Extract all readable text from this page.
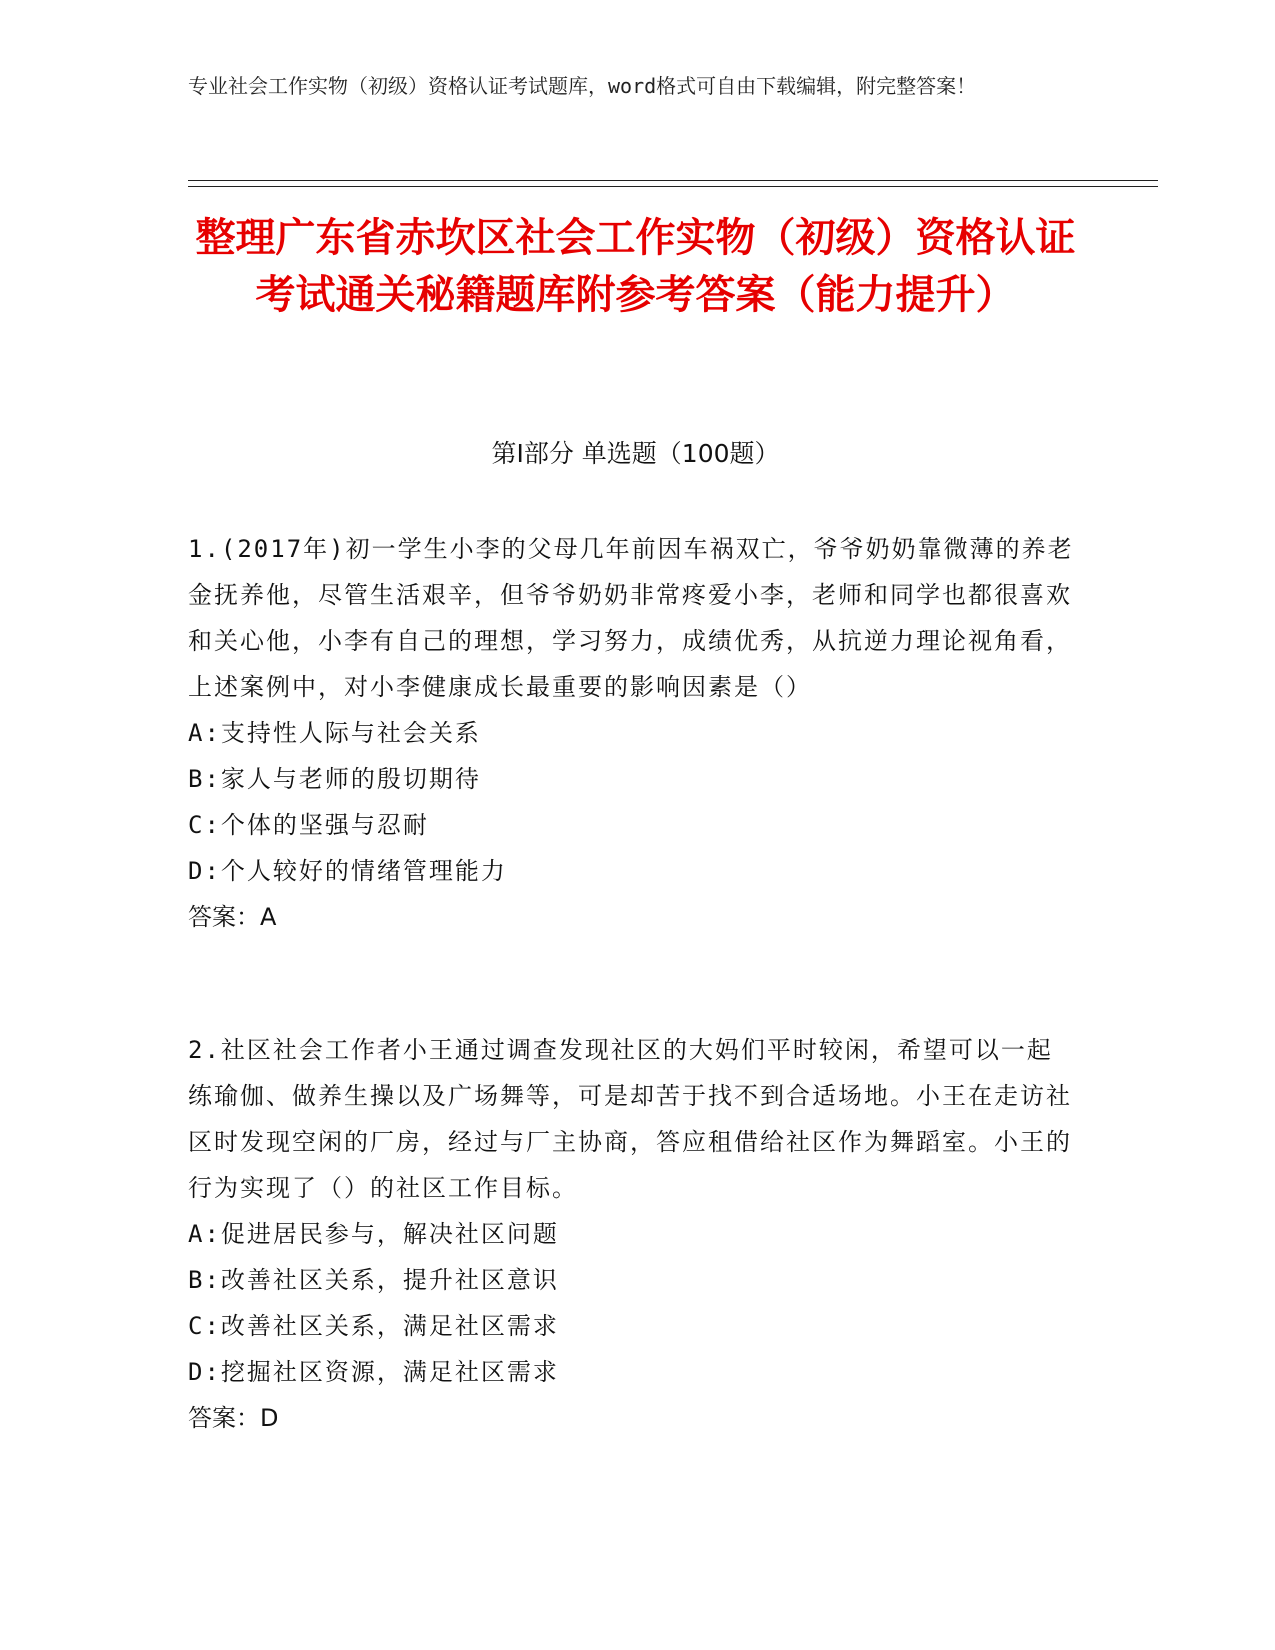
专业社会工作实物（初级）资格认证考试题库，word格式可自由下载编辑，附完整答案！
整理广东省赤坎区社会工作实物（初级）资格认证考试通关秘籍题库附参考答案（能力提升）
第Ⅰ部分 单选题（100题）

1.(2017年)初一学生小李的父母几年前因车祸双亡，爷爷奶奶靠微薄的养老金抚养他，尽管生活艰辛，但爷爷奶奶非常疼爱小李，老师和同学也都很喜欢和关心他，小李有自己的理想，学习努力，成绩优秀，从抗逆力理论视角看，上述案例中，对小李健康成长最重要的影响因素是（）

A:支持性人际与社会关系
B:家人与老师的殷切期待
C:个体的坚强与忍耐
D:个人较好的情绪管理能力
答案：A

2.社区社会工作者小王通过调查发现社区的大妈们平时较闲，希望可以一起练瑜伽、做养生操以及广场舞等，可是却苦于找不到合适场地。小王在走访社区时发现空闲的厂房，经过与厂主协商，答应租借给社区作为舞蹈室。小王的行为实现了（）的社区工作目标。

A:促进居民参与，解决社区问题
B:改善社区关系，提升社区意识
C:改善社区关系，满足社区需求
D:挖掘社区资源，满足社区需求
答案：D
